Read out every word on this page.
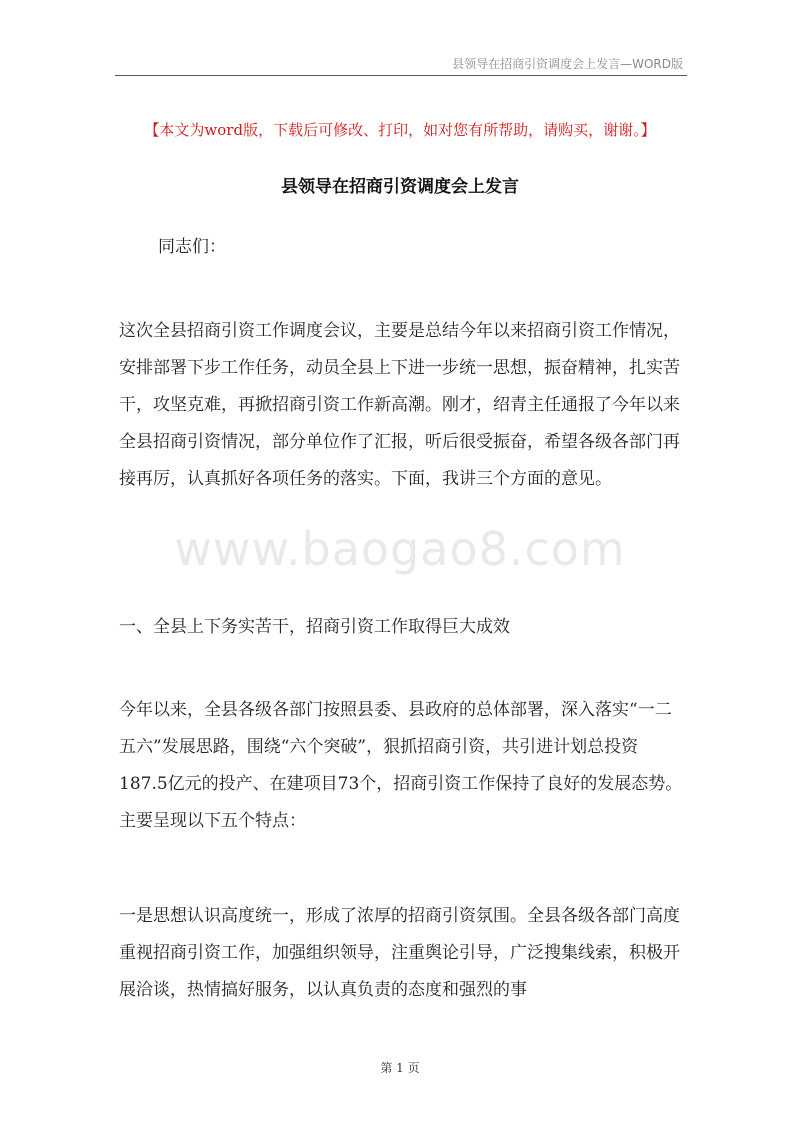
县领导在招商引资调度会上发言—WORD版
【本文为word版，下载后可修改、打印，如对您有所帮助，请购买，谢谢。】
县领导在招商引资调度会上发言

同志们：

这次全县招商引资工作调度会议，主要是总结今年以来招商引资工作情况，安排部署下步工作任务，动员全县上下进一步统一思想，振奋精神，扎实苦干，攻坚克难，再掀招商引资工作新高潮。刚才，绍青主任通报了今年以来全县招商引资情况，部分单位作了汇报，听后很受振奋，希望各级各部门再接再厉，认真抓好各项任务的落实。下面，我讲三个方面的意见。

一、全县上下务实苦干，招商引资工作取得巨大成效

今年以来，全县各级各部门按照县委、县政府的总体部署，深入落实“一二五六”发展思路，围绕“六个突破”，狠抓招商引资，共引进计划总投资187.5亿元的投产、在建项目73个，招商引资工作保持了良好的发展态势。主要呈现以下五个特点：

一是思想认识高度统一，形成了浓厚的招商引资氛围。全县各级各部门高度重视招商引资工作，加强组织领导，注重舆论引导，广泛搜集线索，积极开展洽谈，热情搞好服务，以认真负责的态度和强烈的事

www.baogao8.com
第 1 页
